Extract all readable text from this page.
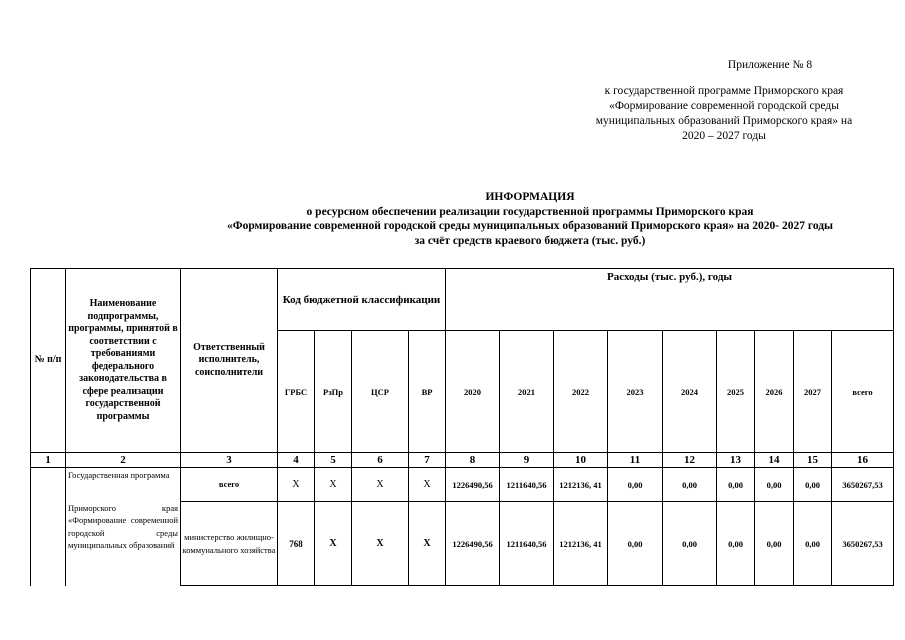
Приложение № 8
к государственной программе Приморского края
«Формирование современной городской среды
муниципальных образований Приморского края» на
2020 – 2027 годы
ИНФОРМАЦИЯ
о ресурсном обеспечении реализации государственной программы Приморского края
«Формирование современной городской среды муниципальных образований Приморского края» на 2020- 2027 годы
за счёт средств краевого бюджета (тыс. руб.)
№ п/п	Наименование подпрограммы, программы, принятой в соответствии с требованиями федерального законодательства в сфере реализации государственной программы	Ответственный исполнитель, соисполнители	Код бюджетной классификации				Расходы (тыс. руб.), годы								
			ГРБС	РзПр	ЦСР	ВР	2020	2021	2022	2023	2024	2025	2026	2027	всего
1	2	3	4	5	6	7	8	9	10	11	12	13	14	15	16
	Государственная программа	всего	Х	Х	Х	Х	1226490,56	1211640,56	1212136, 41	0,00	0,00	0,00	0,00	0,00	3650267,53
	Приморского края «Формирование современной городской среды муниципальных образований	министерство жилищно-коммунального хозяйства	768	Х	Х	Х	1226490,56	1211640,56	1212136, 41	0,00	0,00	0,00	0,00	0,00	3650267,53
